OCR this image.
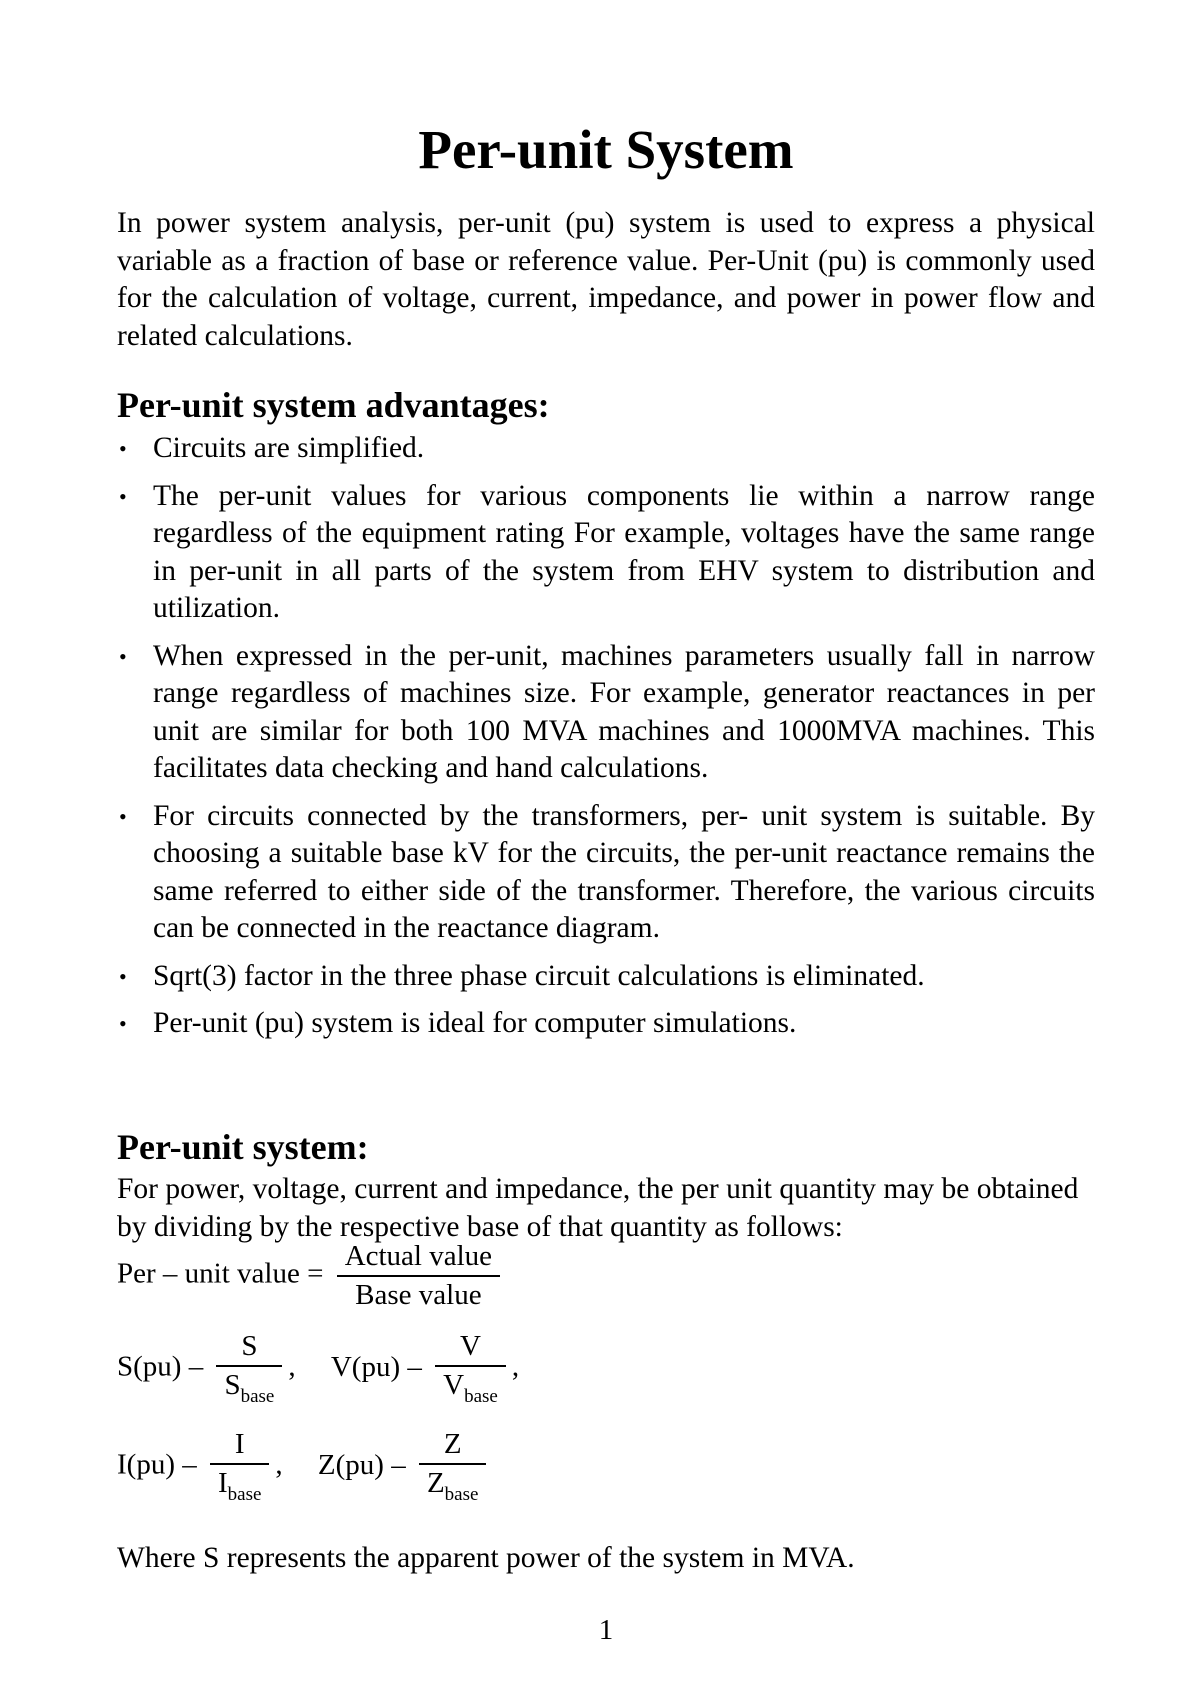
Per-unit System

In power system analysis, per-unit (pu) system is used to express a physical variable as a fraction of base or reference value. Per-Unit (pu) is commonly used for the calculation of voltage, current, impedance, and power in power flow and related calculations.

Per-unit system advantages:
• Circuits are simplified.
• The per-unit values for various components lie within a narrow range regardless of the equipment rating For example, voltages have the same range in per-unit in all parts of the system from EHV system to distribution and utilization.
• When expressed in the per-unit, machines parameters usually fall in narrow range regardless of machines size. For example, generator reactances in per unit are similar for both 100 MVA machines and 1000MVA machines. This facilitates data checking and hand calculations.
• For circuits connected by the transformers, per- unit system is suitable. By choosing a suitable base kV for the circuits, the per-unit reactance remains the same referred to either side of the transformer. Therefore, the various circuits can be connected in the reactance diagram.
• Sqrt(3) factor in the three phase circuit calculations is eliminated.
• Per-unit (pu) system is ideal for computer simulations.
Per-unit system:

For power, voltage, current and impedance, the per unit quantity may be obtained by dividing by the respective base of that quantity as follows:

Per – unit value = $\frac{\text{Actual value}}{\text{Base value}}$
$S(pu) - \frac{S}{S_{base}}$ , $V(pu) - \frac{V}{V_{base}}$ ,
$I(pu) - \frac{I}{I_{base}}$ , $Z(pu) - \frac{Z}{Z_{base}}$

Where S represents the apparent power of the system in MVA.

1
